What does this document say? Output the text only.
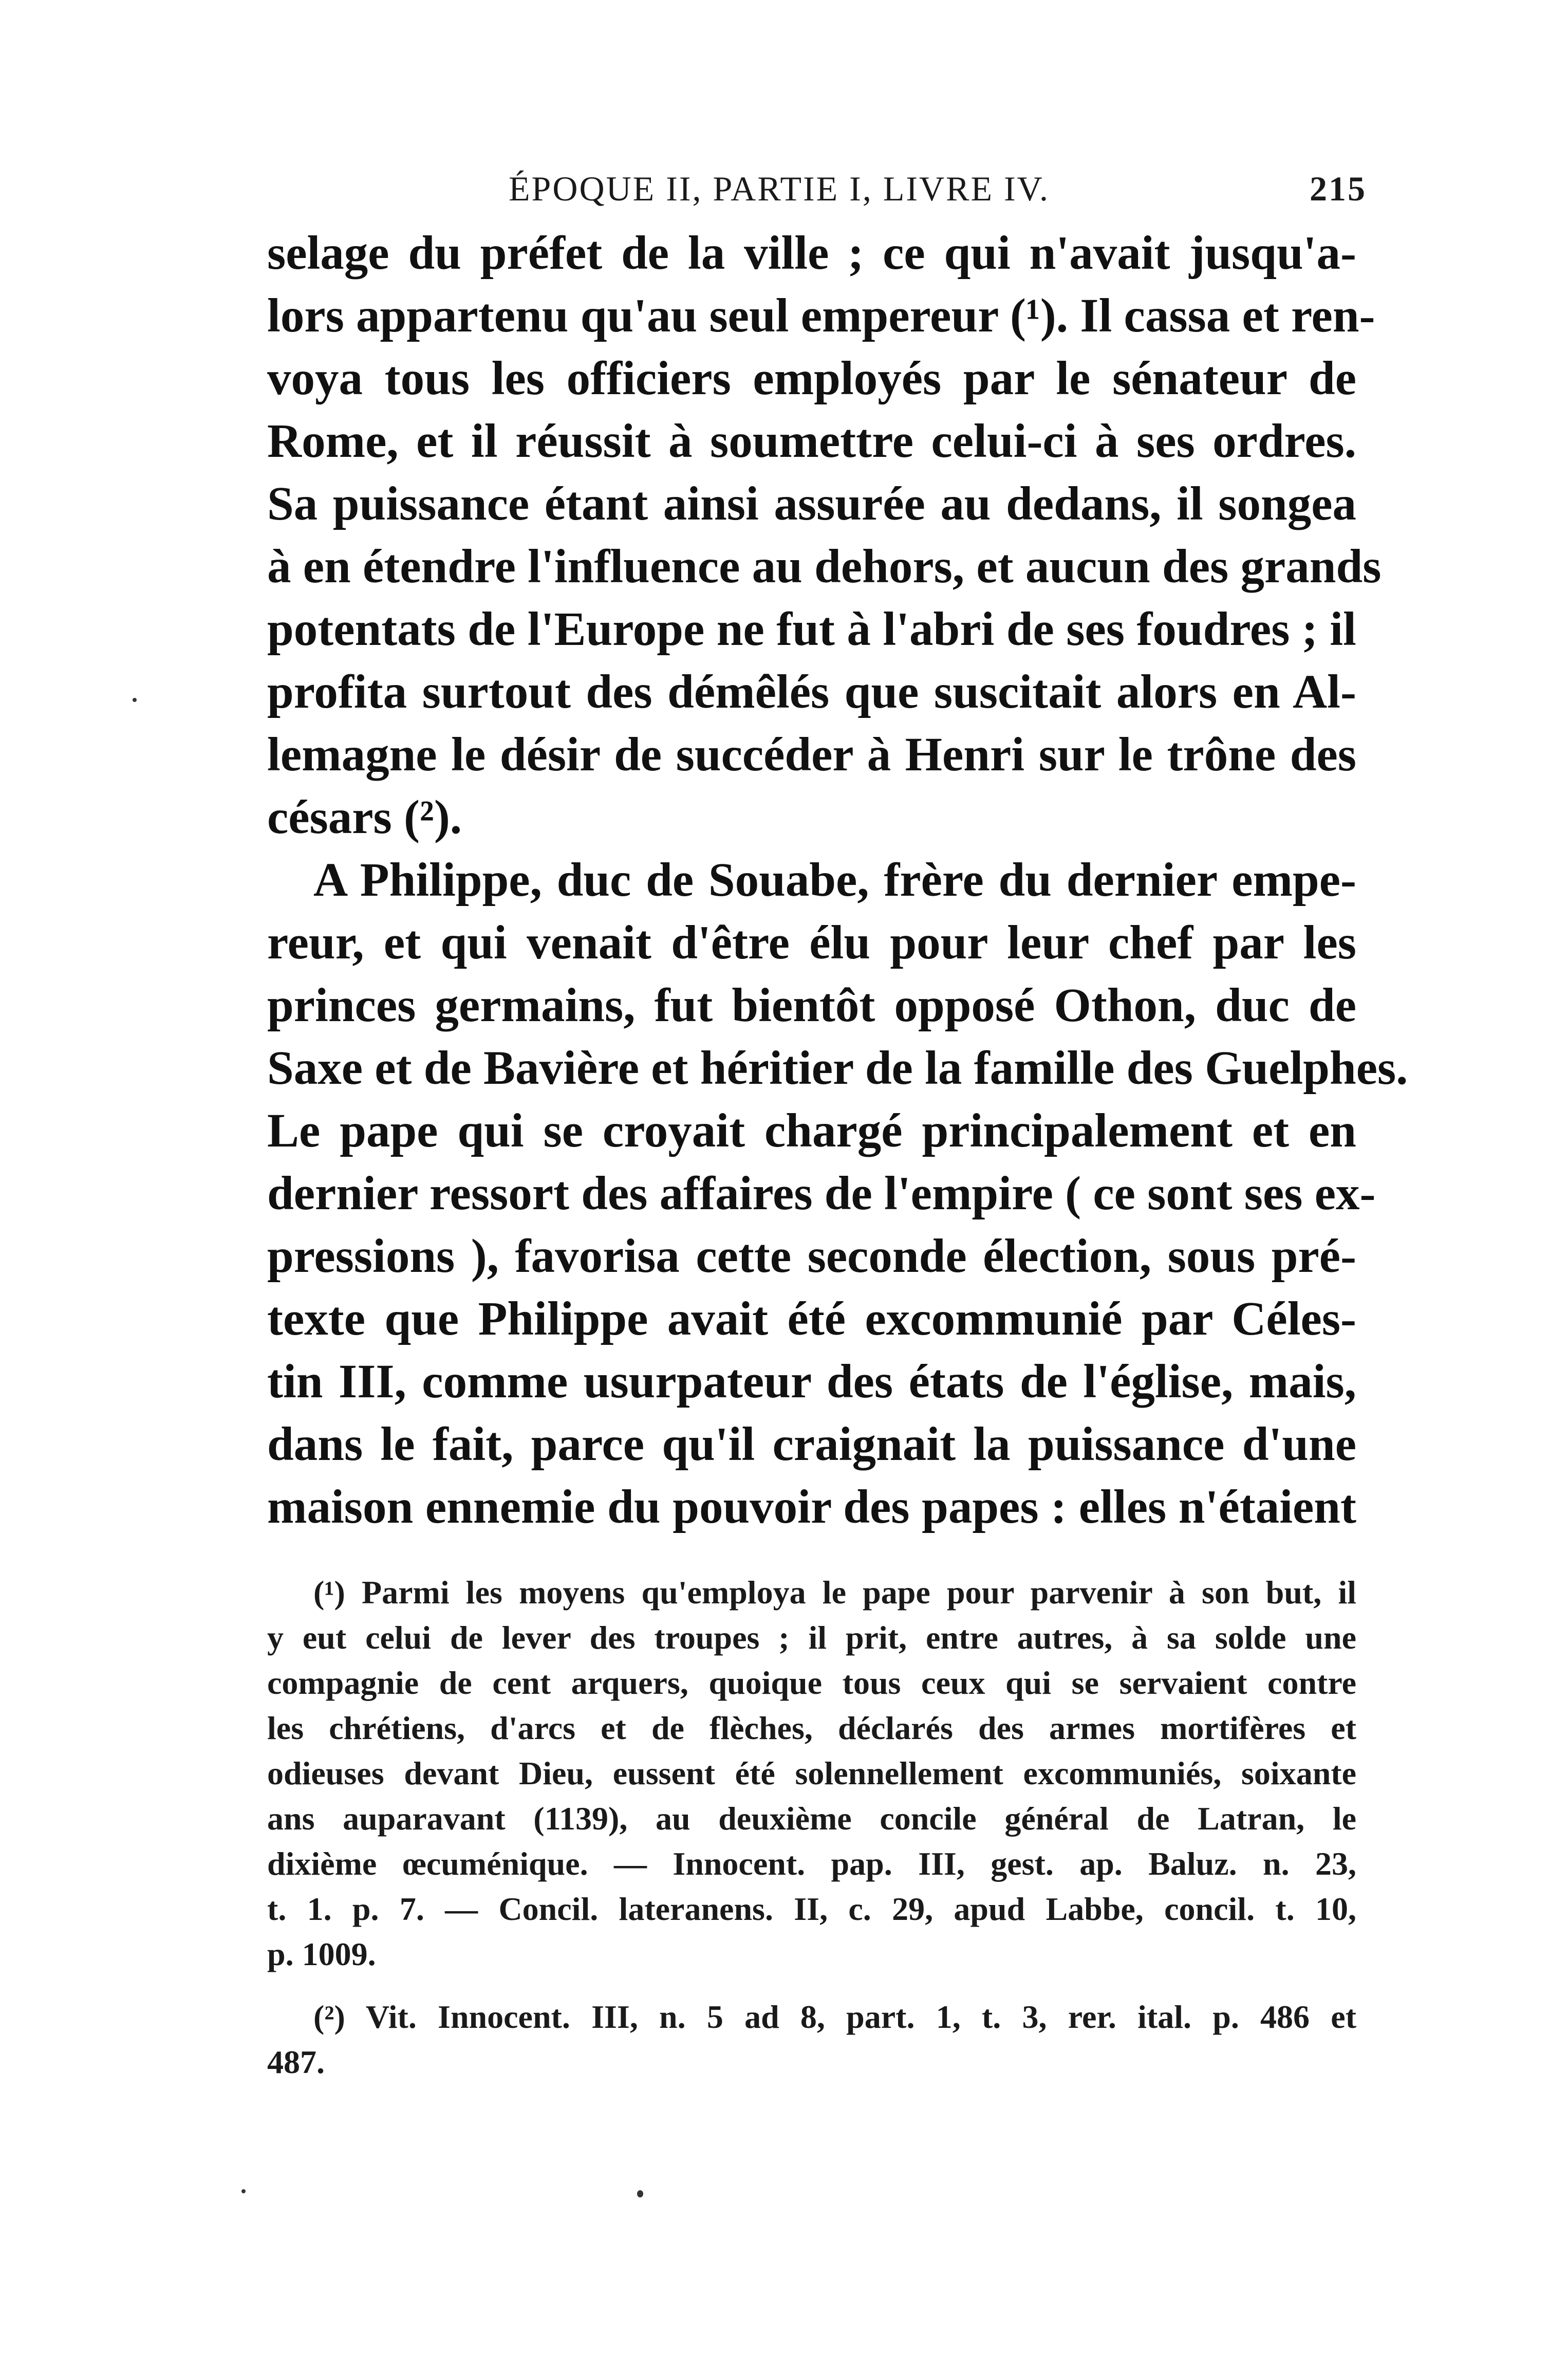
ÉPOQUE II, PARTIE I, LIVRE IV.	215
selage du préfet de la ville ; ce qui n'avait jusqu'a-
lors appartenu qu'au seul empereur (¹). Il cassa et ren-
voya tous les officiers employés par le sénateur de
Rome, et il réussit à soumettre celui-ci à ses ordres.
Sa puissance étant ainsi assurée au dedans, il songea
à en étendre l'influence au dehors, et aucun des grands
potentats de l'Europe ne fut à l'abri de ses foudres ; il
profita surtout des démêlés que suscitait alors en Al-
lemagne le désir de succéder à Henri sur le trône des
césars (²).
A Philippe, duc de Souabe, frère du dernier empe-
reur, et qui venait d'être élu pour leur chef par les
princes germains, fut bientôt opposé Othon, duc de
Saxe et de Bavière et héritier de la famille des Guelphes.
Le pape qui se croyait chargé principalement et en
dernier ressort des affaires de l'empire ( ce sont ses ex-
pressions ), favorisa cette seconde élection, sous pré-
texte que Philippe avait été excommunié par Céles-
tin III, comme usurpateur des états de l'église, mais,
dans le fait, parce qu'il craignait la puissance d'une
maison ennemie du pouvoir des papes : elles n'étaient
(¹) Parmi les moyens qu'employa le pape pour parvenir à son but, il
y eut celui de lever des troupes ; il prit, entre autres, à sa solde une
compagnie de cent arquers, quoique tous ceux qui se servaient contre
les chrétiens, d'arcs et de flèches, déclarés des armes mortifères et
odieuses devant Dieu, eussent été solennellement excommuniés, soixante
ans auparavant (1139), au deuxième concile général de Latran, le
dixième œcuménique. — Innocent. pap. III, gest. ap. Baluz. n. 23,
t. 1. p. 7. — Concil. lateranens. II, c. 29, apud Labbe, concil. t. 10,
p. 1009.
(²) Vit. Innocent. III, n. 5 ad 8, part. 1, t. 3, rer. ital. p. 486 et
487.
